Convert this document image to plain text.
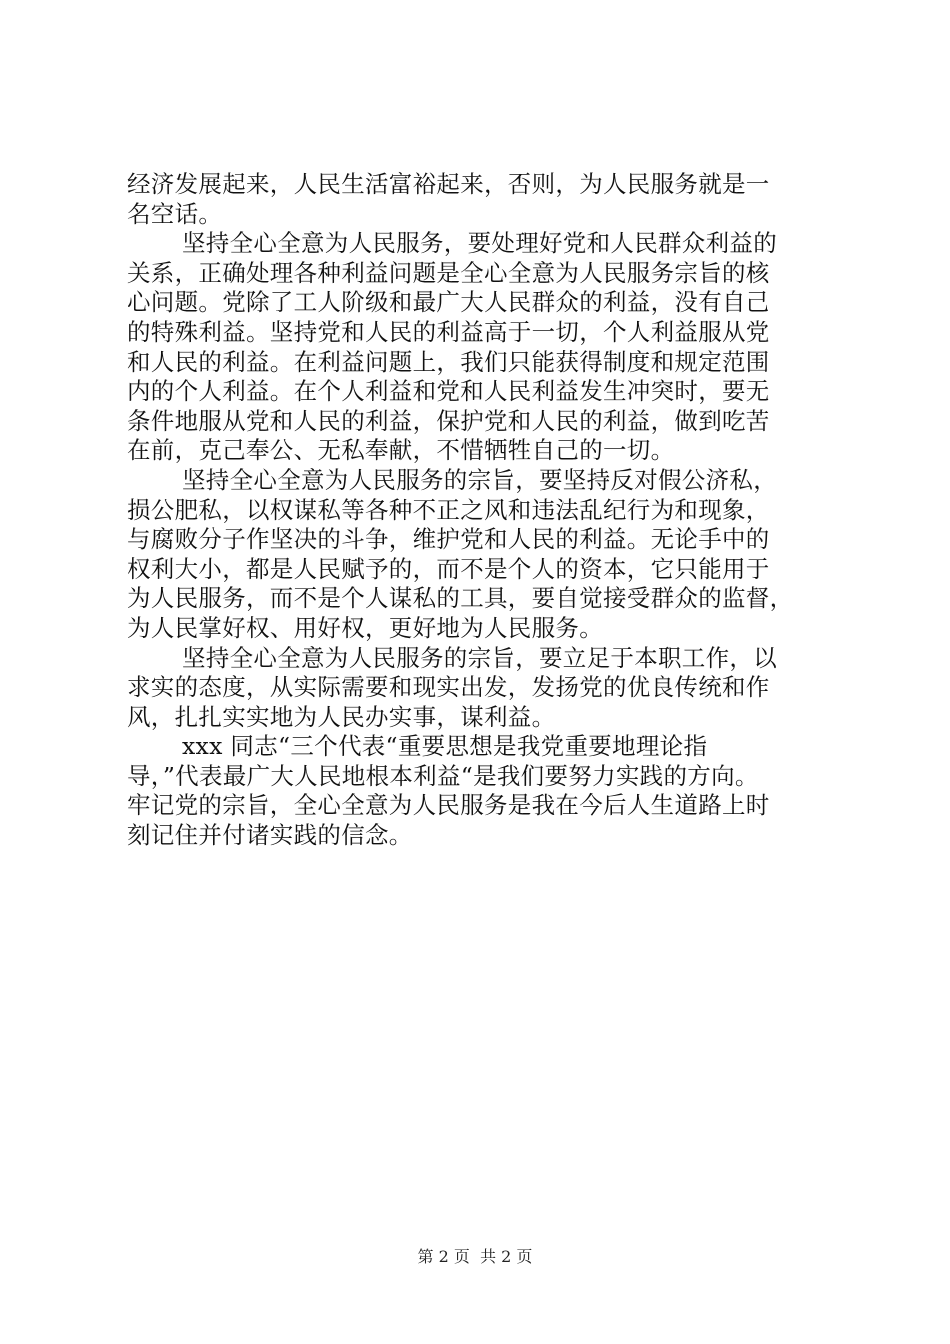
经济发展起来，人民生活富裕起来，否则，为人民服务就是一
名空话。
坚持全心全意为人民服务，要处理好党和人民群众利益的
关系，正确处理各种利益问题是全心全意为人民服务宗旨的核
心问题。党除了工人阶级和最广大人民群众的利益，没有自己
的特殊利益。坚持党和人民的利益高于一切，个人利益服从党
和人民的利益。在利益问题上，我们只能获得制度和规定范围
内的个人利益。在个人利益和党和人民利益发生冲突时，要无
条件地服从党和人民的利益，保护党和人民的利益，做到吃苦
在前，克己奉公、无私奉献，不惜牺牲自己的一切。
坚持全心全意为人民服务的宗旨，要坚持反对假公济私，
损公肥私，以权谋私等各种不正之风和违法乱纪行为和现象，
与腐败分子作坚决的斗争，维护党和人民的利益。无论手中的
权利大小，都是人民赋予的，而不是个人的资本，它只能用于
为人民服务，而不是个人谋私的工具，要自觉接受群众的监督，
为人民掌好权、用好权，更好地为人民服务。
坚持全心全意为人民服务的宗旨，要立足于本职工作，以
求实的态度，从实际需要和现实出发，发扬党的优良传统和作
风，扎扎实实地为人民办实事，谋利益。
xxx 同志“三个代表“重要思想是我党重要地理论指
导，”代表最广大人民地根本利益“是我们要努力实践的方向。
牢记党的宗旨，全心全意为人民服务是我在今后人生道路上时
刻记住并付诸实践的信念。
第 2 页  共 2 页
